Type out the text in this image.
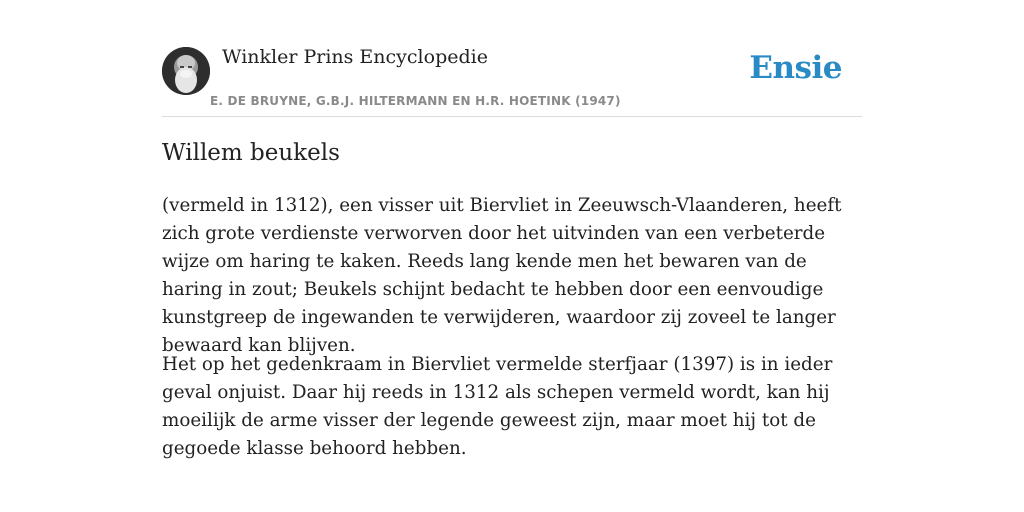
Winkler Prins Encyclopedie
E. DE BRUYNE, G.B.J. HILTERMANN EN H.R. HOETINK (1947)
Ensie
Willem beukels

(vermeld in 1312), een visser uit Biervliet in Zeeuwsch-Vlaanderen, heeft zich grote verdienste verworven door het uitvinden van een verbeterde wijze om haring te kaken. Reeds lang kende men het bewaren van de haring in zout; Beukels schijnt bedacht te hebben door een eenvoudige kunstgreep de ingewanden te verwijderen, waardoor zij zoveel te langer bewaard kan blijven.

Het op het gedenkraam in Biervliet vermelde sterfjaar (1397) is in ieder geval onjuist. Daar hij reeds in 1312 als schepen vermeld wordt, kan hij moeilijk de arme visser der legende geweest zijn, maar moet hij tot de gegoede klasse behoord hebben.
